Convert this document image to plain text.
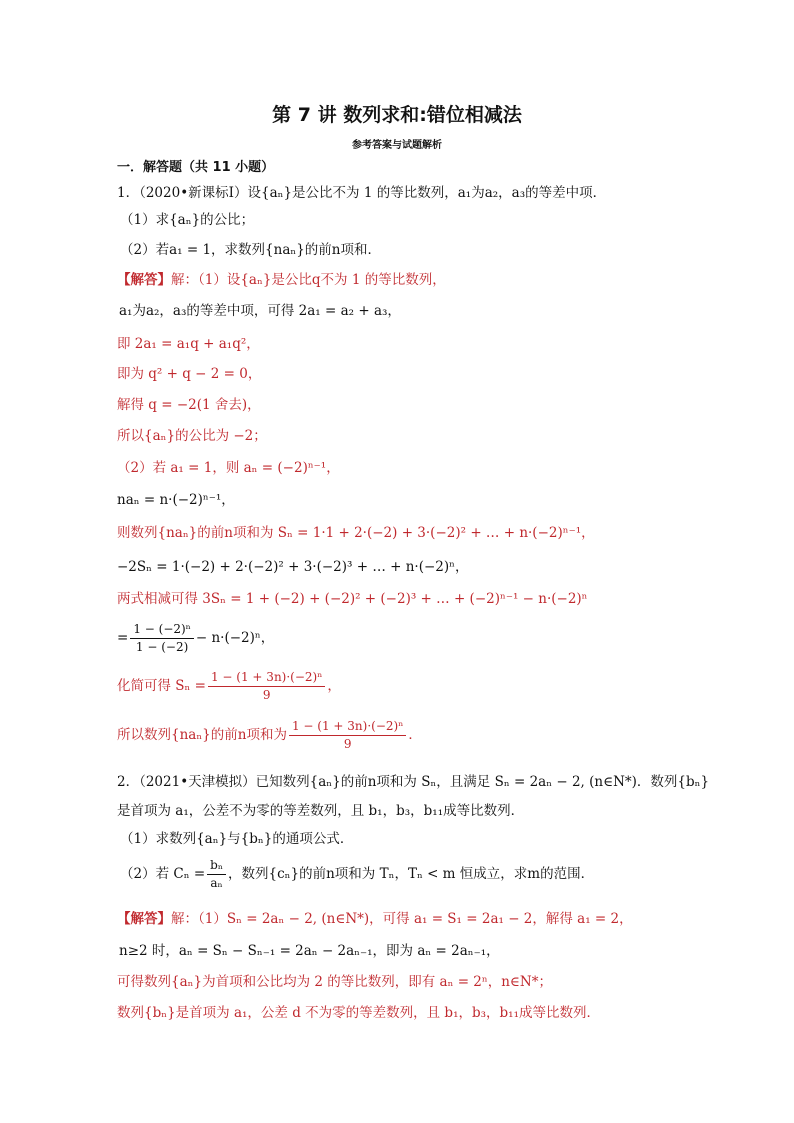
第 7 讲 数列求和:错位相减法
参考答案与试题解析
一．解答题（共 11 小题）
1．（2020•新课标Ⅰ）设{aₙ}是公比不为 1 的等比数列，a₁为a₂，a₃的等差中项．
（1）求{aₙ}的公比；
（2）若a₁ = 1，求数列{naₙ}的前n项和．
【解答】解：（1）设{aₙ}是公比q不为 1 的等比数列，
a₁为a₂，a₃的等差中项，可得 2a₁ = a₂ + a₃，
即 2a₁ = a₁q + a₁q²，
即为 q² + q − 2 = 0，
解得 q = −2(1 舍去)，
所以{aₙ}的公比为 −2；
（2）若 a₁ = 1，则 aₙ = (−2)ⁿ⁻¹，
naₙ = n·(−2)ⁿ⁻¹，
则数列{naₙ}的前n项和为 Sₙ = 1·1 + 2·(−2) + 3·(−2)² + … + n·(−2)ⁿ⁻¹，
−2Sₙ = 1·(−2) + 2·(−2)² + 3·(−2)³ + … + n·(−2)ⁿ，
两式相减可得 3Sₙ = 1 + (−2) + (−2)² + (−2)³ + … + (−2)ⁿ⁻¹ − n·(−2)ⁿ
= $\frac{\text{1 − (−2)ⁿ}}{1 - (-2)} - n\cdot(-2)^n$，
化简可得 $S_n = \frac{\text{1 − (1 + 3n)·(−2)ⁿ}}{9}$ ，
所以数列{naₙ}的前n项和为 $\frac{\text{1 − (1 + 3n)·(−2)ⁿ}}{9}$ ．
2．（2021•天津模拟）已知数列{aₙ}的前n项和为 Sₙ，且满足 Sₙ = 2aₙ − 2, (n∈N*)．数列{bₙ}
是首项为 a₁，公差不为零的等差数列，且 b₁，b₃，b₁₁成等比数列．
（1）求数列{aₙ}与{bₙ}的通项公式．
（2）若 $C_n = \frac{\text{bₙ}}{\text{aₙ}}$ ，数列{cₙ}的前n项和为 Tₙ，Tₙ < m 恒成立，求m的范围．
【解答】解：（1）Sₙ = 2aₙ − 2, (n∈N*)，可得 a₁ = S₁ = 2a₁ − 2，解得 a₁ = 2，
n≥2 时，aₙ = Sₙ − Sₙ₋₁ = 2aₙ − 2aₙ₋₁，即为 aₙ = 2aₙ₋₁，
可得数列{aₙ}为首项和公比均为 2 的等比数列，即有 aₙ = 2ⁿ，n∈N*；
数列{bₙ}是首项为 a₁，公差 d 不为零的等差数列，且 b₁，b₃，b₁₁成等比数列．
